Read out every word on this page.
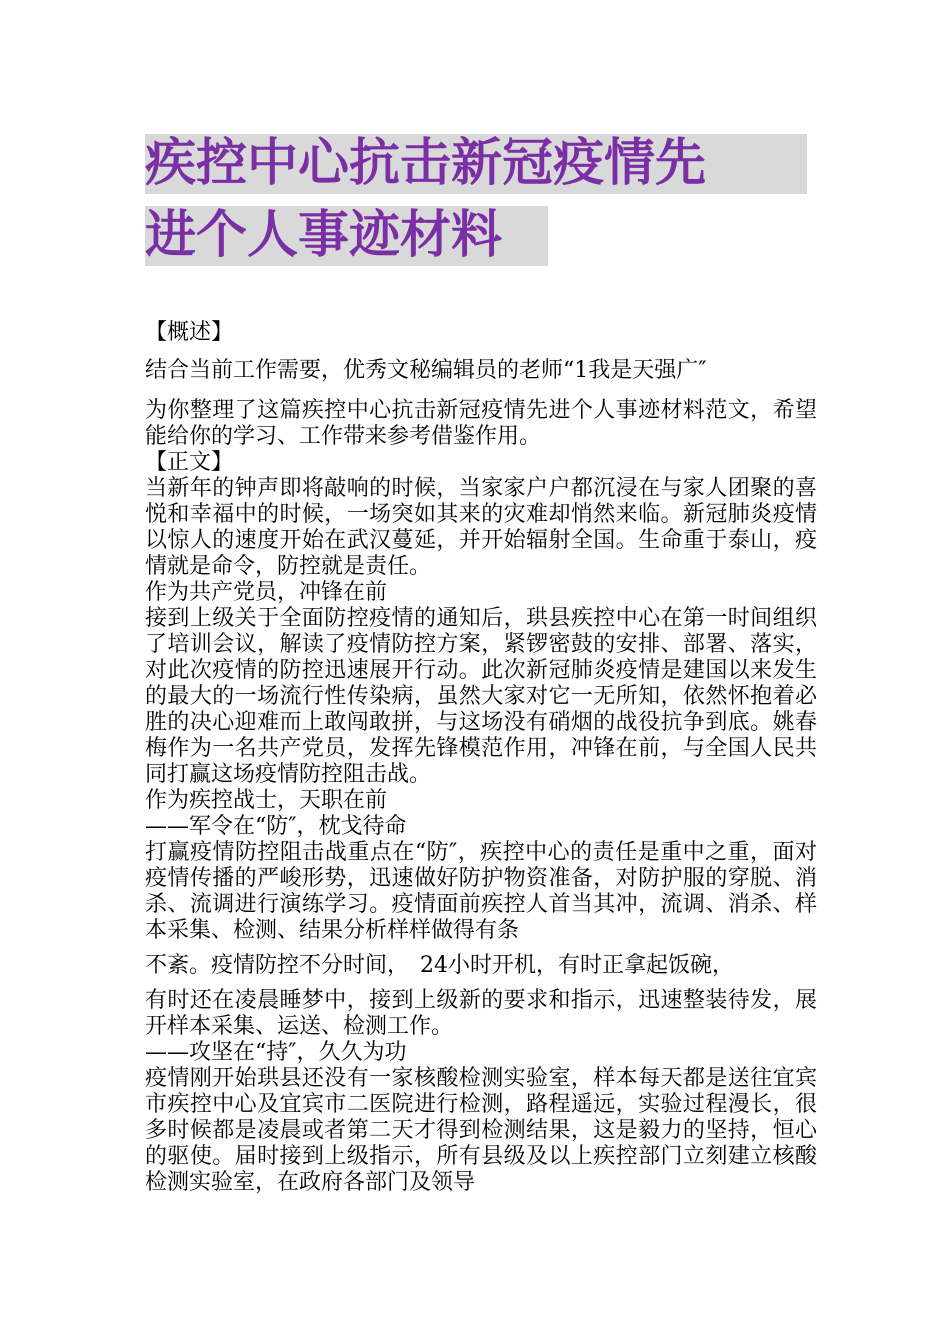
疾控中心抗击新冠疫情先
进个人事迹材料

【概述】

结合当前工作需要，优秀文秘编辑员的老师“1我是天强广″

为你整理了这篇疾控中心抗击新冠疫情先进个人事迹材料范文，希望能给你的学习、工作带来参考借鉴作用。

【正文】

当新年的钟声即将敲响的时候，当家家户户都沉浸在与家人团聚的喜悦和幸福中的时候，一场突如其来的灾难却悄然来临。新冠肺炎疫情以惊人的速度开始在武汉蔓延，并开始辐射全国。生命重于泰山，疫情就是命令，防控就是责任。

作为共产党员，冲锋在前

接到上级关于全面防控疫情的通知后，珙县疾控中心在第一时间组织了培训会议，解读了疫情防控方案，紧锣密鼓的安排、部署、落实，对此次疫情的防控迅速展开行动。此次新冠肺炎疫情是建国以来发生的最大的一场流行性传染病，虽然大家对它一无所知，依然怀抱着必胜的决心迎难而上敢闯敢拼，与这场没有硝烟的战役抗争到底。姚春梅作为一名共产党员，发挥先锋模范作用，冲锋在前，与全国人民共同打赢这场疫情防控阻击战。

作为疾控战士，天职在前

——军令在“防″，枕戈待命

打赢疫情防控阻击战重点在“防″，疾控中心的责任是重中之重，面对疫情传播的严峻形势，迅速做好防护物资准备，对防护服的穿脱、消杀、流调进行演练学习。疫情面前疾控人首当其冲，流调、消杀、样本采集、检测、结果分析样样做得有条

不紊。疫情防控不分时间，　24小时开机，有时正拿起饭碗，

有时还在凌晨睡梦中，接到上级新的要求和指示，迅速整装待发，展开样本采集、运送、检测工作。

——攻坚在“持″，久久为功

疫情刚开始珙县还没有一家核酸检测实验室，样本每天都是送往宜宾市疾控中心及宜宾市二医院进行检测，路程遥远，实验过程漫长，很多时候都是凌晨或者第二天才得到检测结果，这是毅力的坚持，恒心的驱使。届时接到上级指示，所有县级及以上疾控部门立刻建立核酸检测实验室，在政府各部门及领导
